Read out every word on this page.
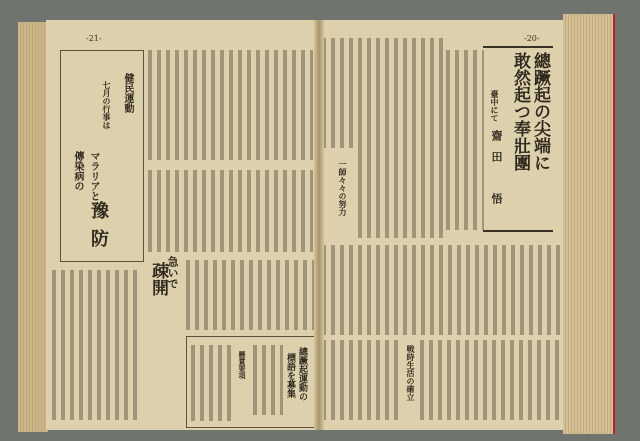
-21-
健民運動
七月の行事は
マラリアと
傳染病の
豫
防
急いで
疎開
總蹶起運動の
標語を募集
懸賞要項
-20-
總蹶起の尖端に
敢然起つ奉壯團
臺中にて
齋田　悟
一師々々の努力
戦時生活の確立
